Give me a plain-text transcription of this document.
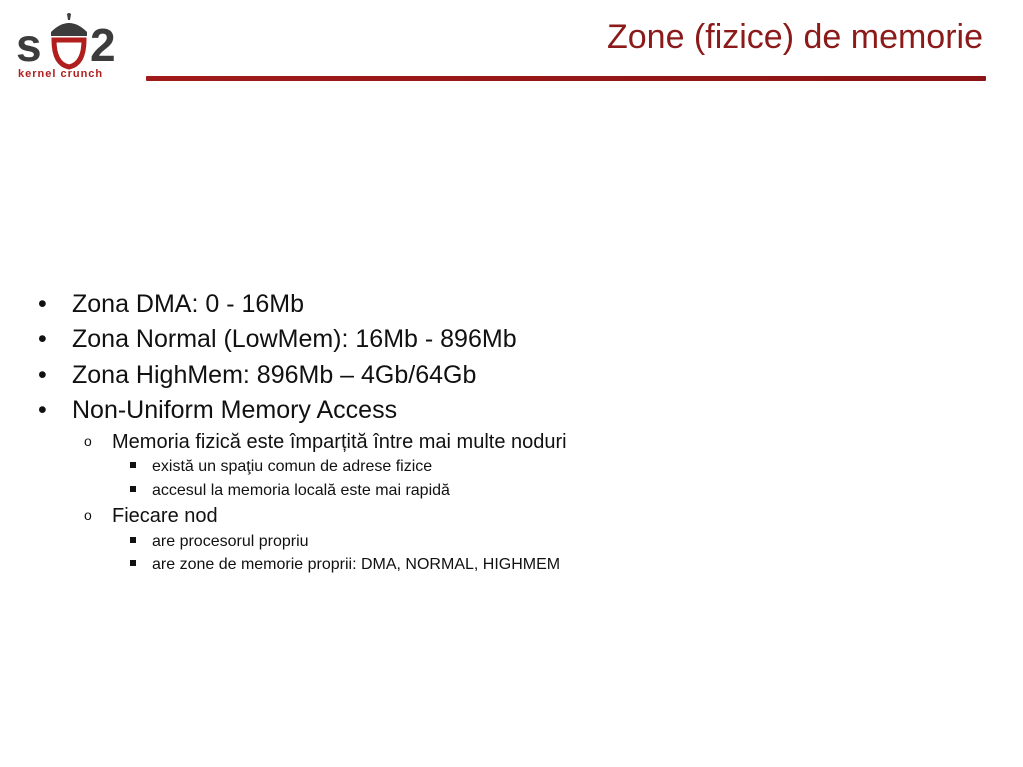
s 2
kernel crunch
Zone (fizice) de memorie
• Zona DMA: 0 - 16Mb
• Zona Normal (LowMem): 16Mb - 896Mb
• Zona HighMem: 896Mb – 4Gb/64Gb
• Non-Uniform Memory Access
o Memoria fizică este împarțită între mai multe noduri
există un spaţiu comun de adrese fizice
accesul la memoria locală este mai rapidă
o Fiecare nod
are procesorul propriu
are zone de memorie proprii: DMA, NORMAL, HIGHMEM
